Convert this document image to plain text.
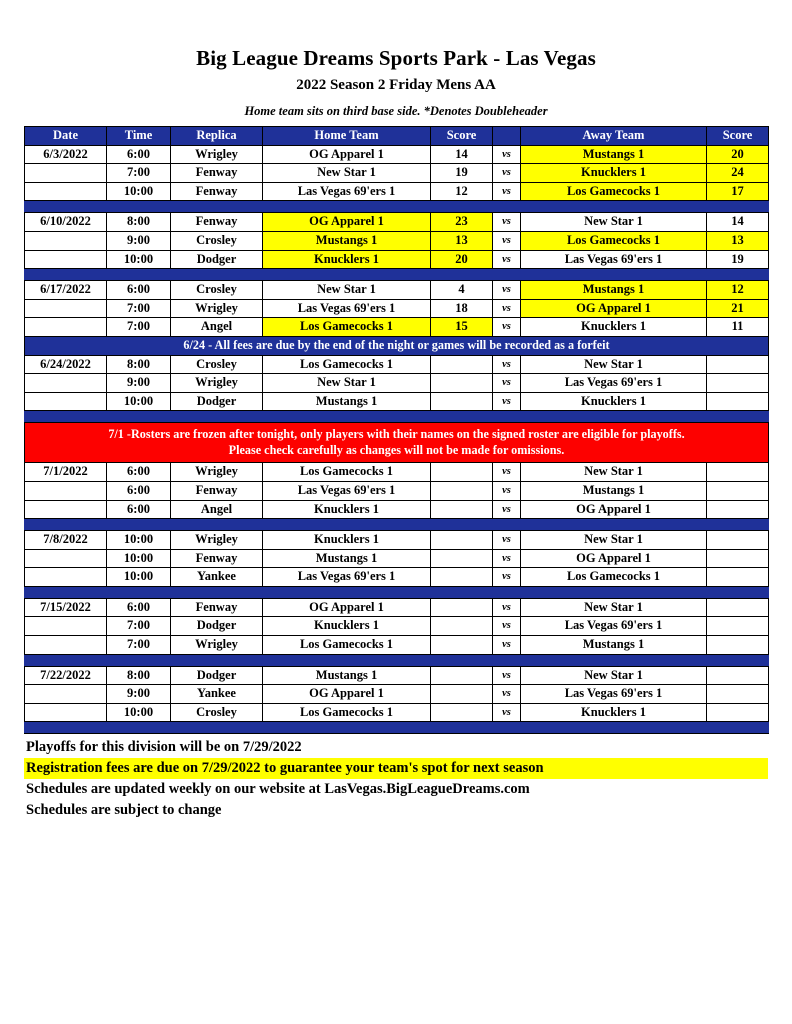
Big League Dreams Sports Park - Las Vegas
2022 Season 2 Friday Mens AA
Home team sits on third base side. *Denotes Doubleheader
Date	Time	Replica	Home Team	Score		Away Team	Score
6/3/2022	6:00	Wrigley	OG Apparel 1	14	vs	Mustangs 1	20
	7:00	Fenway	New Star 1	19	vs	Knucklers 1	24
	10:00	Fenway	Las Vegas 69'ers 1	12	vs	Los Gamecocks 1	17

6/10/2022	8:00	Fenway	OG Apparel 1	23	vs	New Star 1	14
	9:00	Crosley	Mustangs 1	13	vs	Los Gamecocks 1	13
	10:00	Dodger	Knucklers 1	20	vs	Las Vegas 69'ers 1	19

6/17/2022	6:00	Crosley	New Star 1	4	vs	Mustangs 1	12
	7:00	Wrigley	Las Vegas 69'ers 1	18	vs	OG Apparel 1	21
	7:00	Angel	Los Gamecocks 1	15	vs	Knucklers 1	11
6/24 - All fees are due by the end of the night or games will be recorded as a forfeit							
6/24/2022	8:00	Crosley	Los Gamecocks 1		vs	New Star 1	
	9:00	Wrigley	New Star 1		vs	Las Vegas 69'ers 1	
	10:00	Dodger	Mustangs 1		vs	Knucklers 1	

7/1 -Rosters are frozen after tonight, only players with their names on the signed roster are eligible for playoffs.
Please check carefully as changes will not be made for omissions.							

7/1/2022	6:00	Wrigley	Los Gamecocks 1		vs	New Star 1	
	6:00	Fenway	Las Vegas 69'ers 1		vs	Mustangs 1	
	6:00	Angel	Knucklers 1		vs	OG Apparel 1	

7/8/2022	10:00	Wrigley	Knucklers 1		vs	New Star 1	
	10:00	Fenway	Mustangs 1		vs	OG Apparel 1	
	10:00	Yankee	Las Vegas 69'ers 1		vs	Los Gamecocks 1	

7/15/2022	6:00	Fenway	OG Apparel 1		vs	New Star 1	
	7:00	Dodger	Knucklers 1		vs	Las Vegas 69'ers 1	
	7:00	Wrigley	Los Gamecocks 1		vs	Mustangs 1	

7/22/2022	8:00	Dodger	Mustangs 1		vs	New Star 1	
	9:00	Yankee	OG Apparel 1		vs	Las Vegas 69'ers 1	
	10:00	Crosley	Los Gamecocks 1		vs	Knucklers 1	

Playoffs for this division will be on 7/29/2022
Registration fees are due on 7/29/2022 to guarantee your team's spot for next season
Schedules are updated weekly on our website at LasVegas.BigLeagueDreams.com
Schedules are subject to change
